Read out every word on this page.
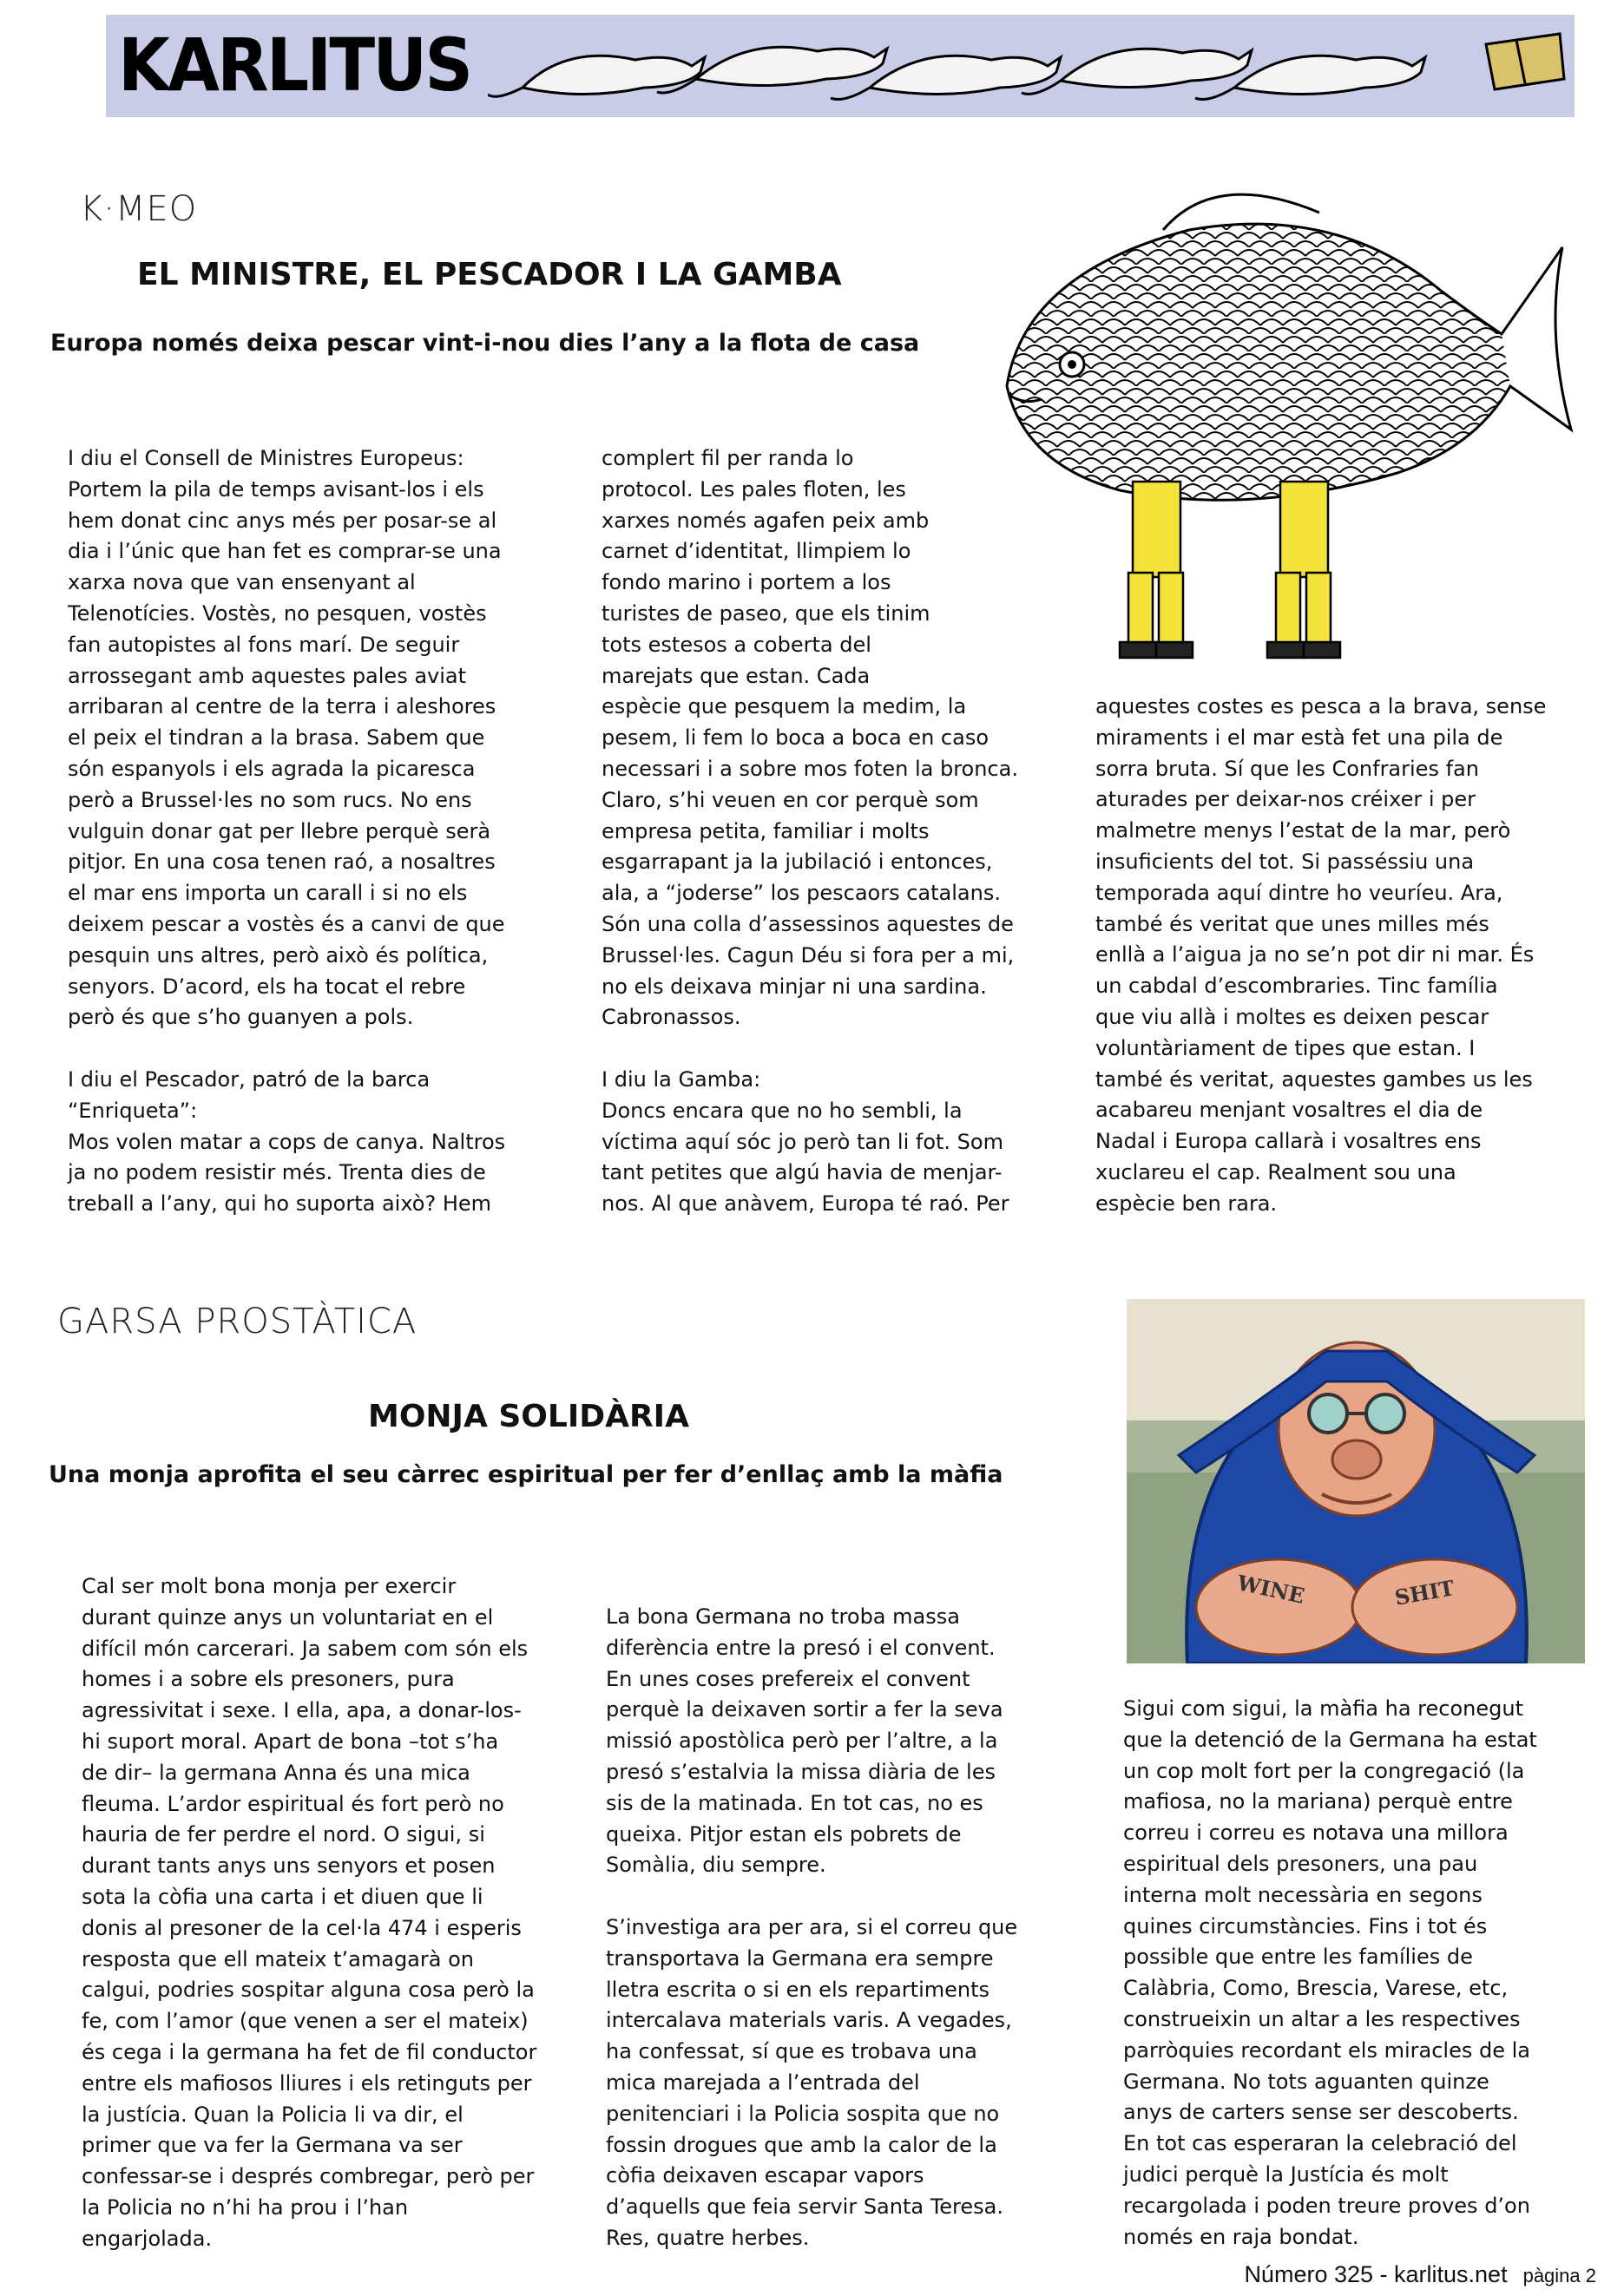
KARLITUS
K·MEO
EL MINISTRE, EL PESCADOR I LA GAMBA
Europa només deixa pescar vint-i-nou dies l’any a la flota de casa

I diu el Consell de Ministres Europeus:
Portem la pila de temps avisant-los i els
hem donat cinc anys més per posar-se al
dia i l’únic que han fet es comprar-se una
xarxa nova que van ensenyant al
Telenotícies. Vostès, no pesquen, vostès
fan autopistes al fons marí. De seguir
arrossegant amb aquestes pales aviat
arribaran al centre de la terra i aleshores
el peix el tindran a la brasa. Sabem que
són espanyols i els agrada la picaresca
però a Brussel·les no som rucs. No ens
vulguin donar gat per llebre perquè serà
pitjor. En una cosa tenen raó, a nosaltres
el mar ens importa un carall i si no els
deixem pescar a vostès és a canvi de que
pesquin uns altres, però això és política,
senyors. D’acord, els ha tocat el rebre
però és que s’ho guanyen a pols.

I diu el Pescador, patró de la barca
“Enriqueta”:
Mos volen matar a cops de canya. Naltros
ja no podem resistir més. Trenta dies de
treball a l’any, qui ho suporta això? Hem

complert fil per randa lo
protocol. Les pales floten, les
xarxes només agafen peix amb
carnet d’identitat, llimpiem lo
fondo marino i portem a los
turistes de paseo, que els tinim
tots estesos a coberta del
marejats que estan. Cada
espècie que pesquem la medim, la
pesem, li fem lo boca a boca en caso
necessari i a sobre mos foten la bronca.
Claro, s’hi veuen en cor perquè som
empresa petita, familiar i molts
esgarrapant ja la jubilació i entonces,
ala, a “joderse” los pescaors catalans.
Són una colla d’assessinos aquestes de
Brussel·les. Cagun Déu si fora per a mi,
no els deixava minjar ni una sardina.
Cabronassos.

I diu la Gamba:
Doncs encara que no ho sembli, la
víctima aquí sóc jo però tan li fot. Som
tant petites que algú havia de menjar-
nos. Al que anàvem, Europa té raó. Per

aquestes costes es pesca a la brava, sense
miraments i el mar està fet una pila de
sorra bruta. Sí que les Confraries fan
aturades per deixar-nos créixer i per
malmetre menys l’estat de la mar, però
insuficients del tot. Si passéssiu una
temporada aquí dintre ho veuríeu. Ara,
també és veritat que unes milles més
enllà a l’aigua ja no se’n pot dir ni mar. És
un cabdal d’escombraries. Tinc família
que viu allà i moltes es deixen pescar
voluntàriament de tipes que estan. I
també és veritat, aquestes gambes us les
acabareu menjant vosaltres el dia de
Nadal i Europa callarà i vosaltres ens
xuclareu el cap. Realment sou una
espècie ben rara.

GARSA PROSTÀTICA
MONJA SOLIDÀRIA
Una monja aprofita el seu càrrec espiritual per fer d’enllaç amb la màfia
WINE	SHIT

Cal ser molt bona monja per exercir
durant quinze anys un voluntariat en el
difícil món carcerari. Ja sabem com són els
homes i a sobre els presoners, pura
agressivitat i sexe. I ella, apa, a donar-los-
hi suport moral. Apart de bona –tot s’ha
de dir– la germana Anna és una mica
fleuma. L’ardor espiritual és fort però no
hauria de fer perdre el nord. O sigui, si
durant tants anys uns senyors et posen
sota la còfia una carta i et diuen que li
donis al presoner de la cel·la 474 i esperis
resposta que ell mateix t’amagarà on
calgui, podries sospitar alguna cosa però la
fe, com l’amor (que venen a ser el mateix)
és cega i la germana ha fet de fil conductor
entre els mafiosos lliures i els retinguts per
la justícia. Quan la Policia li va dir, el
primer que va fer la Germana va ser
confessar-se i després combregar, però per
la Policia no n’hi ha prou i l’han
engarjolada.

La bona Germana no troba massa
diferència entre la presó i el convent.
En unes coses prefereix el convent
perquè la deixaven sortir a fer la seva
missió apostòlica però per l’altre, a la
presó s’estalvia la missa diària de les
sis de la matinada. En tot cas, no es
queixa. Pitjor estan els pobrets de
Somàlia, diu sempre.

S’investiga ara per ara, si el correu que
transportava la Germana era sempre
lletra escrita o si en els repartiments
intercalava materials varis. A vegades,
ha confessat, sí que es trobava una
mica marejada a l’entrada del
penitenciari i la Policia sospita que no
fossin drogues que amb la calor de la
còfia deixaven escapar vapors
d’aquells que feia servir Santa Teresa.
Res, quatre herbes.

Sigui com sigui, la màfia ha reconegut
que la detenció de la Germana ha estat
un cop molt fort per la congregació (la
mafiosa, no la mariana) perquè entre
correu i correu es notava una millora
espiritual dels presoners, una pau
interna molt necessària en segons
quines circumstàncies. Fins i tot és
possible que entre les famílies de
Calàbria, Como, Brescia, Varese, etc,
construeixin un altar a les respectives
parròquies recordant els miracles de la
Germana. No tots aguanten quinze
anys de carters sense ser descoberts.
En tot cas esperaran la celebració del
judici perquè la Justícia és molt
recargolada i poden treure proves d’on
només en raja bondat.

Número 325 - karlitus.net pàgina 2
